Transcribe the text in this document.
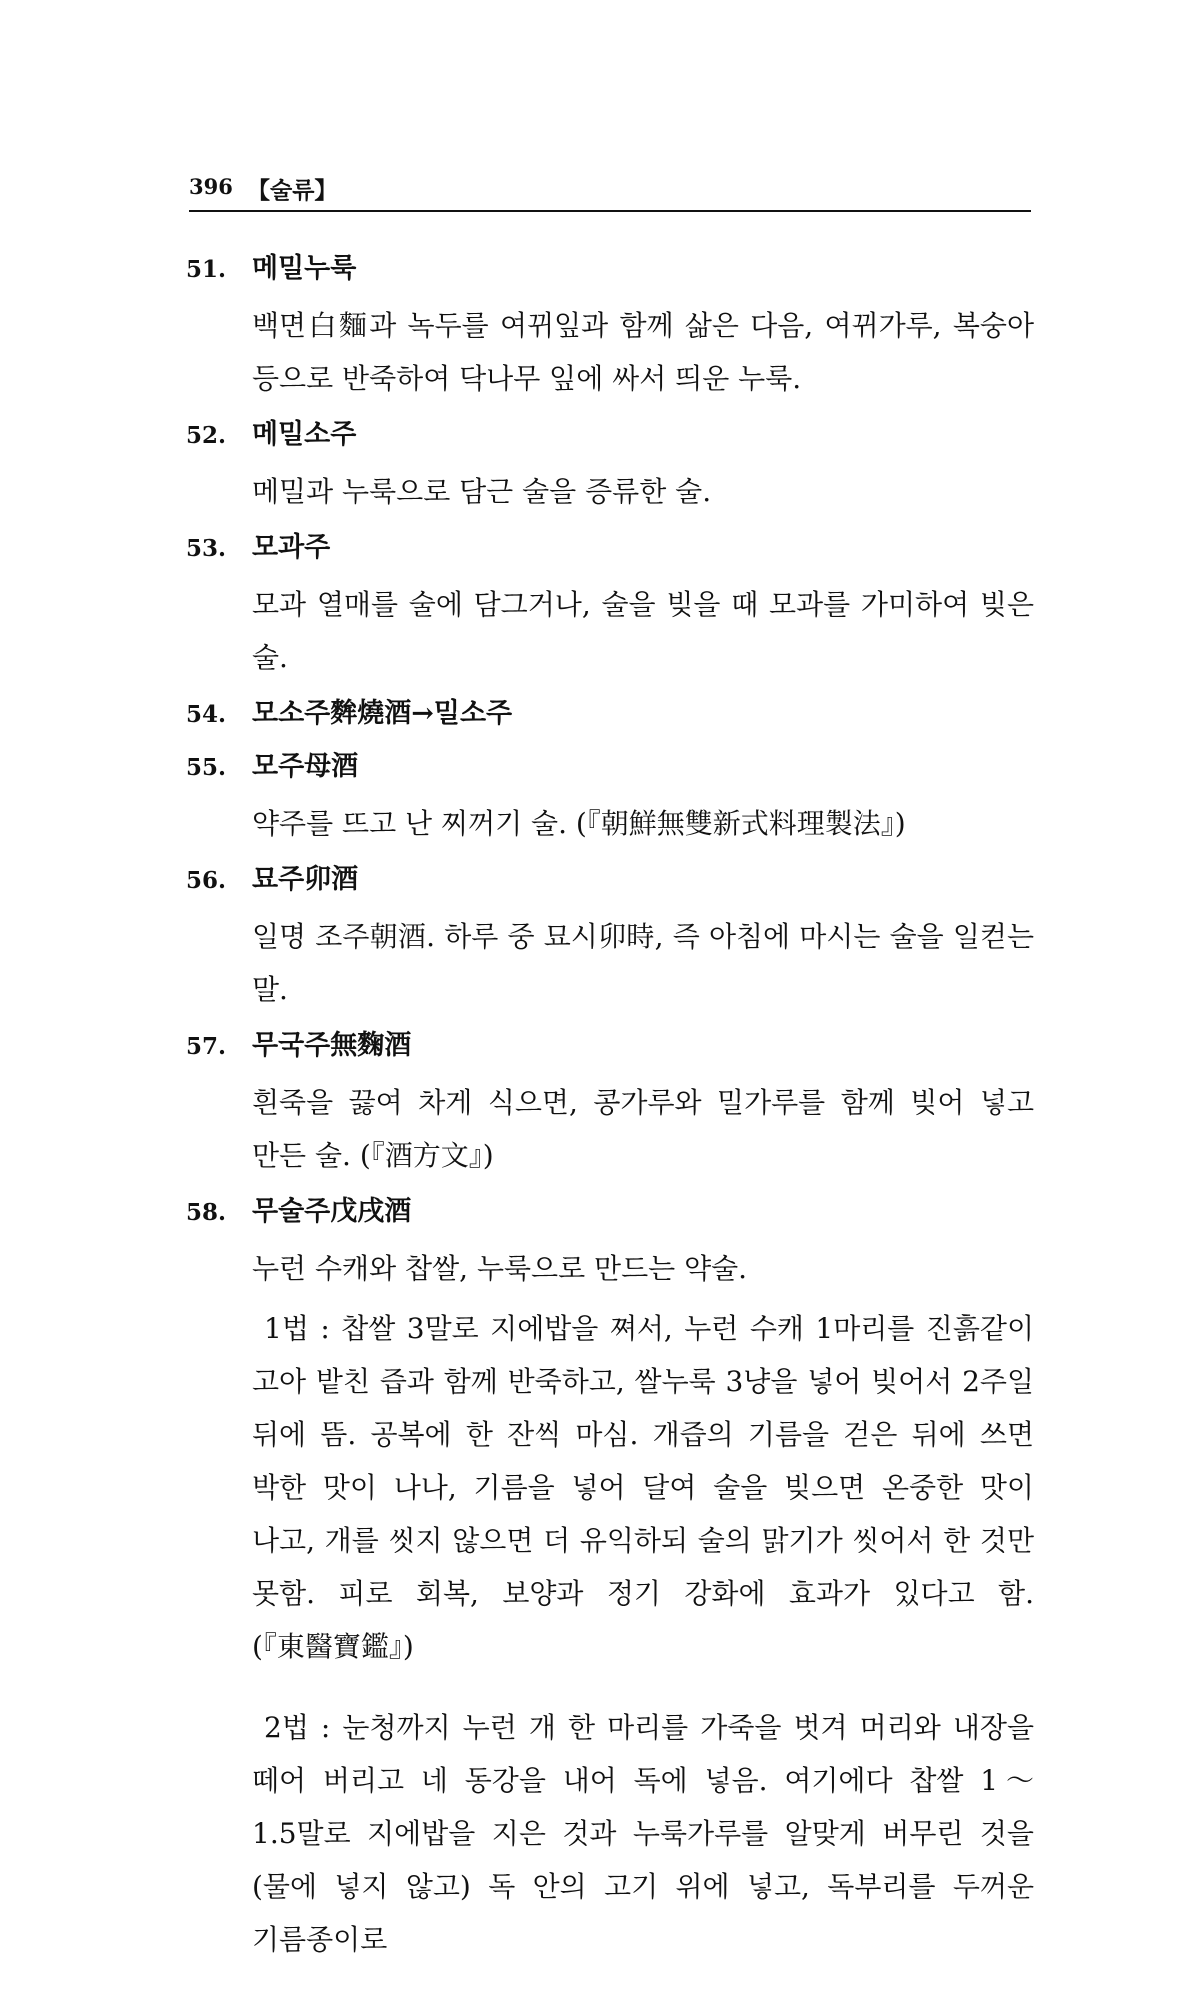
396 【술류】
51. 메밀누룩
백면白麵과 녹두를 여뀌잎과 함께 삶은 다음, 여뀌가루, 복숭아 등으로 반죽하여 닥나무 잎에 싸서 띄운 누룩.
52. 메밀소주
메밀과 누룩으로 담근 술을 증류한 술.
53. 모과주
모과 열매를 술에 담그거나, 술을 빚을 때 모과를 가미하여 빚은 술.
54. 모소주麰燒酒→밀소주
55. 모주母酒
약주를 뜨고 난 찌꺼기 술. (『朝鮮無雙新式料理製法』)
56. 묘주卯酒
일명 조주朝酒. 하루 중 묘시卯時, 즉 아침에 마시는 술을 일컫는 말.
57. 무국주無麴酒
흰죽을 끓여 차게 식으면, 콩가루와 밀가루를 함께 빚어 넣고 만든 술. (『酒方文』)
58. 무술주戊戌酒
누런 수캐와 찹쌀, 누룩으로 만드는 약술.

1법 : 찹쌀 3말로 지에밥을 쪄서, 누런 수캐 1마리를 진흙같이 고아 밭친 즙과 함께 반죽하고, 쌀누룩 3냥을 넣어 빚어서 2주일 뒤에 뜸. 공복에 한 잔씩 마심. 개즙의 기름을 걷은 뒤에 쓰면 박한 맛이 나나, 기름을 넣어 달여 술을 빚으면 온중한 맛이 나고, 개를 씻지 않으면 더 유익하되 술의 맑기가 씻어서 한 것만 못함. 피로 회복, 보양과 정기 강화에 효과가 있다고 함. (『東醫寶鑑』)

2법 : 눈청까지 누런 개 한 마리를 가죽을 벗겨 머리와 내장을 떼어 버리고 네 동강을 내어 독에 넣음. 여기에다 찹쌀 1～1.5말로 지에밥을 지은 것과 누룩가루를 알맞게 버무린 것을(물에 넣지 않고) 독 안의 고기 위에 넣고, 독부리를 두꺼운 기름종이로
